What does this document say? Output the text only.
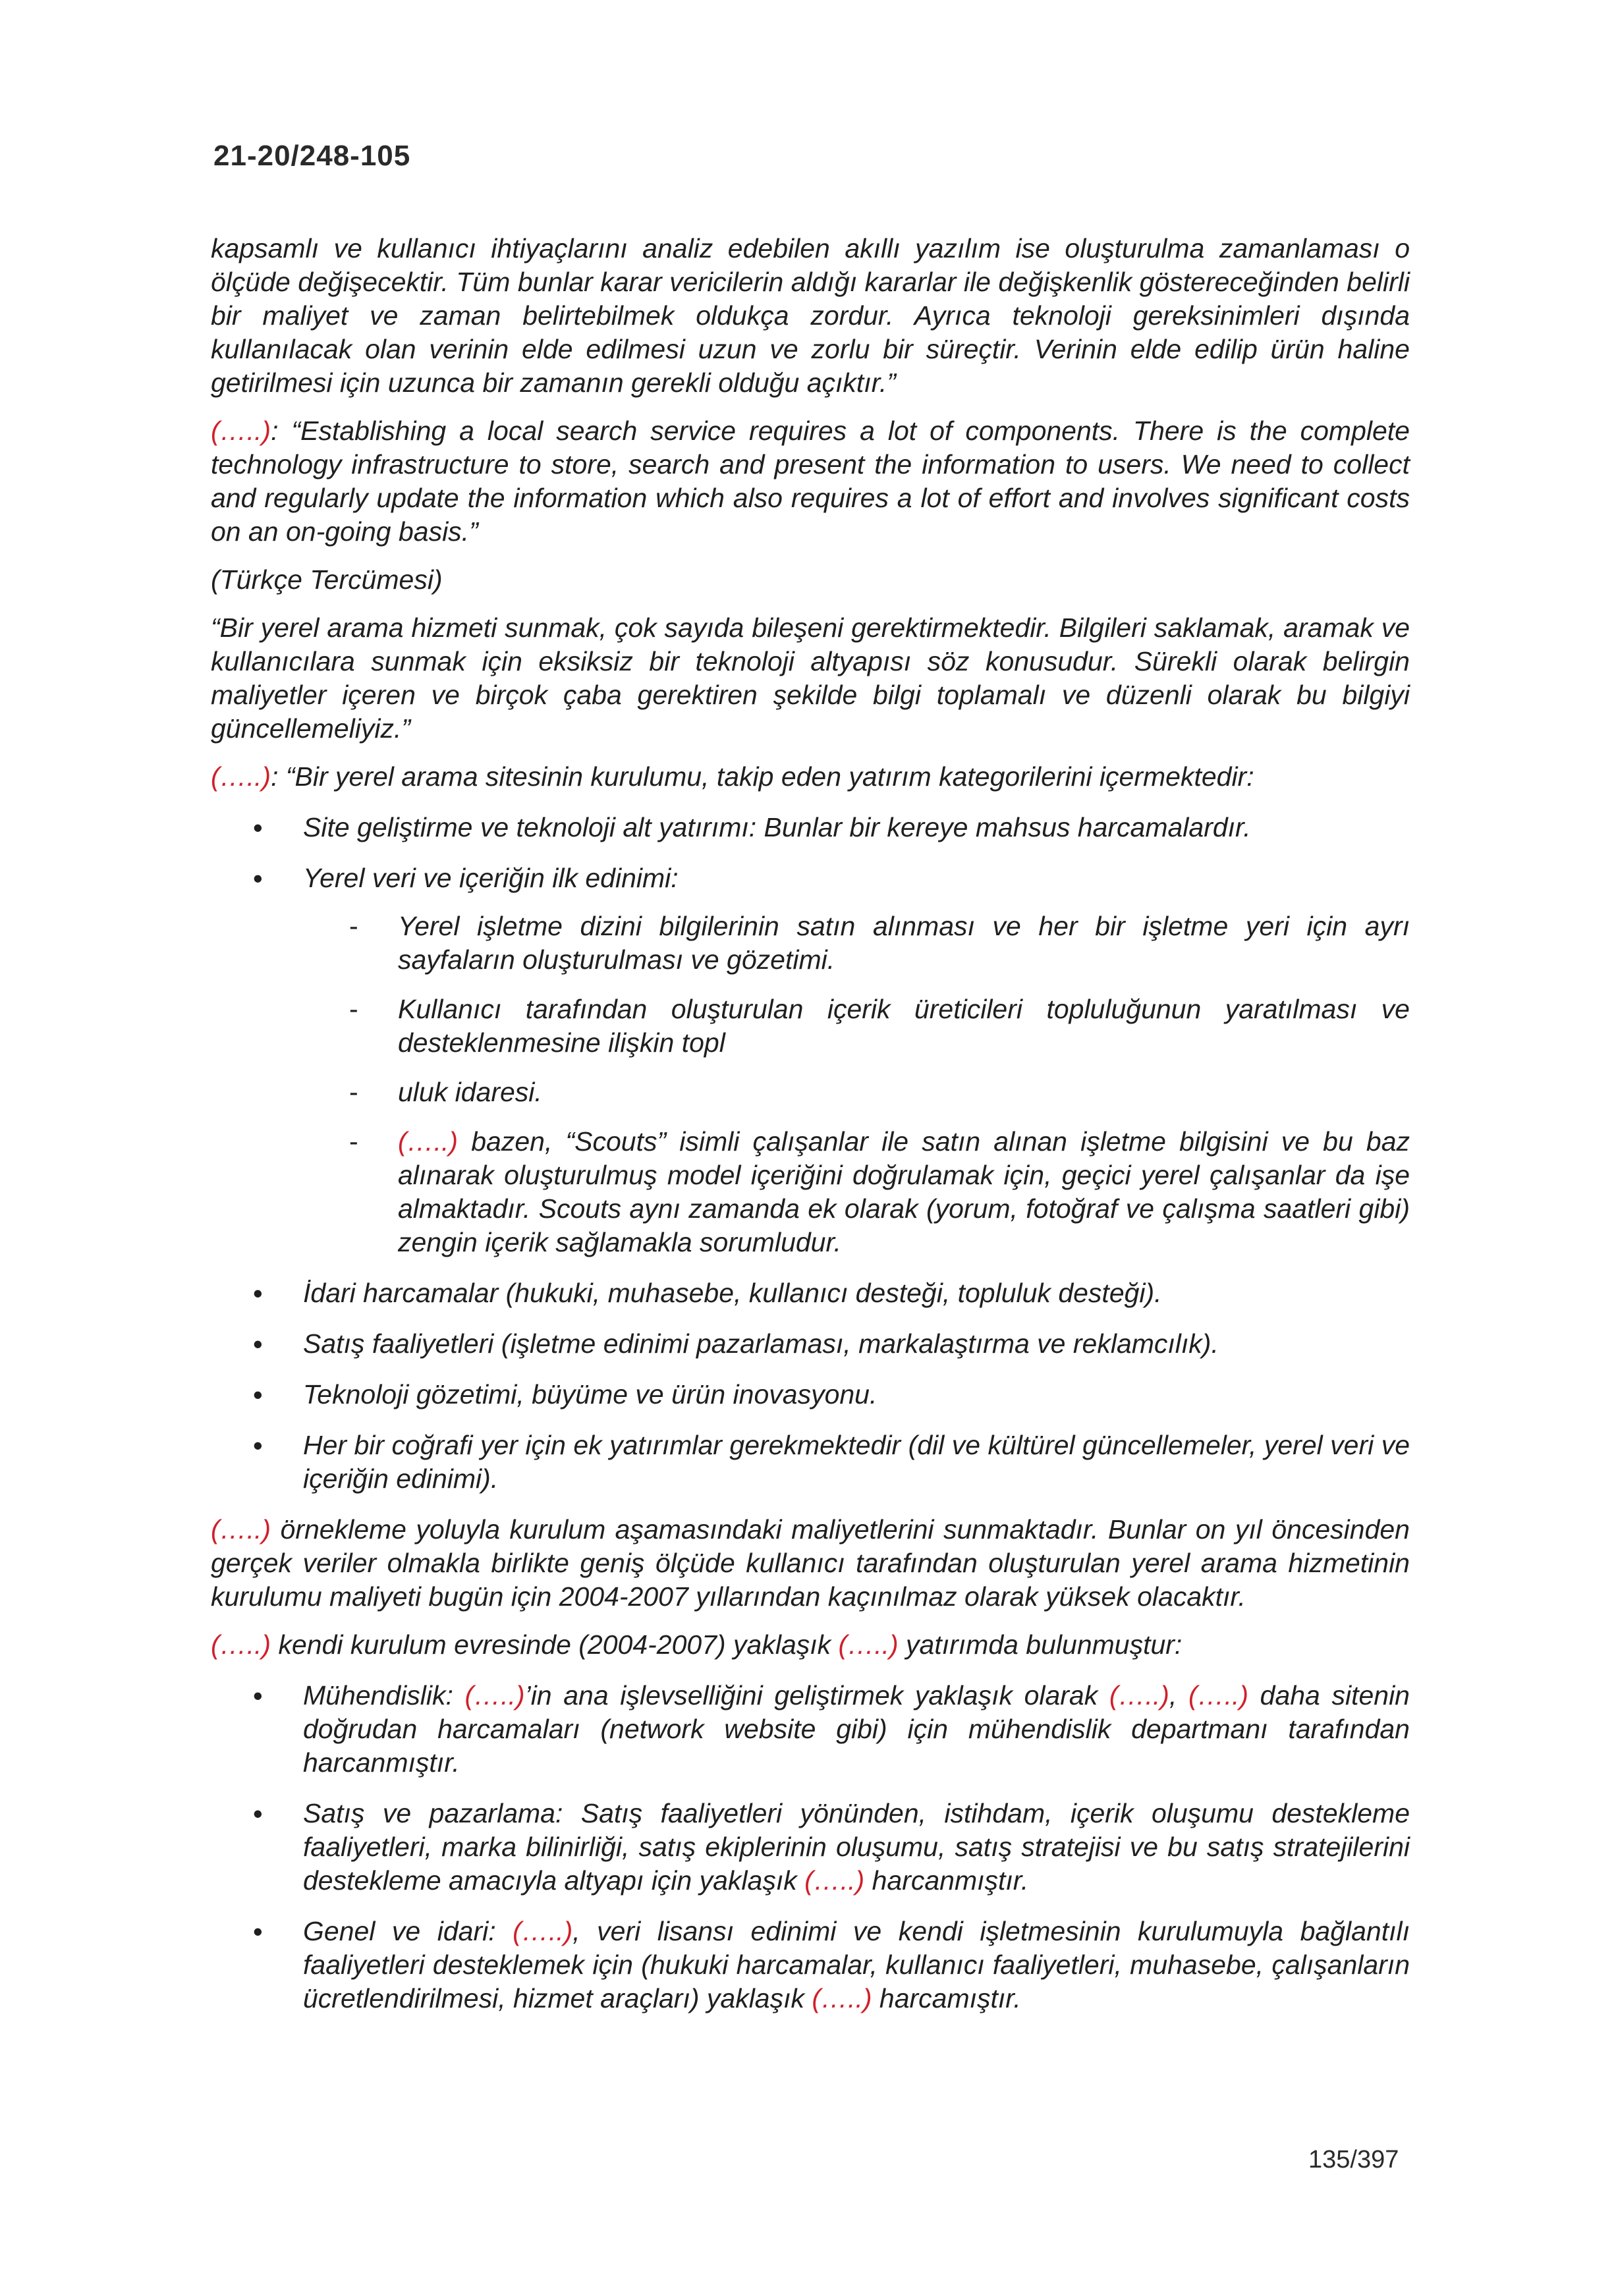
21-20/248-105

kapsamlı ve kullanıcı ihtiyaçlarını analiz edebilen akıllı yazılım ise oluşturulma zamanlaması o ölçüde değişecektir. Tüm bunlar karar vericilerin aldığı kararlar ile değişkenlik göstereceğinden belirli bir maliyet ve zaman belirtebilmek oldukça zordur. Ayrıca teknoloji gereksinimleri dışında kullanılacak olan verinin elde edilmesi uzun ve zorlu bir süreçtir. Verinin elde edilip ürün haline getirilmesi için uzunca bir zamanın gerekli olduğu açıktır.”

(…..): “Establishing a local search service requires a lot of components. There is the complete technology infrastructure to store, search and present the information to users. We need to collect and regularly update the information which also requires a lot of effort and involves significant costs on an on-going basis.”

(Türkçe Tercümesi)

“Bir yerel arama hizmeti sunmak, çok sayıda bileşeni gerektirmektedir. Bilgileri saklamak, aramak ve kullanıcılara sunmak için eksiksiz bir teknoloji altyapısı söz konusudur. Sürekli olarak belirgin maliyetler içeren ve birçok çaba gerektiren şekilde bilgi toplamalı ve düzenli olarak bu bilgiyi güncellemeliyiz.”

(…..): “Bir yerel arama sitesinin kurulumu, takip eden yatırım kategorilerini içermektedir:

• Site geliştirme ve teknoloji alt yatırımı: Bunlar bir kereye mahsus harcamalardır.
• Yerel veri ve içeriğin ilk edinimi:
- Yerel işletme dizini bilgilerinin satın alınması ve her bir işletme yeri için ayrı sayfaların oluşturulması ve gözetimi.
- Kullanıcı tarafından oluşturulan içerik üreticileri topluluğunun yaratılması ve desteklenmesine ilişkin topl
- uluk idaresi.
- (…..) bazen, “Scouts” isimli çalışanlar ile satın alınan işletme bilgisini ve bu baz alınarak oluşturulmuş model içeriğini doğrulamak için, geçici yerel çalışanlar da işe almaktadır. Scouts aynı zamanda ek olarak (yorum, fotoğraf ve çalışma saatleri gibi) zengin içerik sağlamakla sorumludur.
• İdari harcamalar (hukuki, muhasebe, kullanıcı desteği, topluluk desteği).
• Satış faaliyetleri (işletme edinimi pazarlaması, markalaştırma ve reklamcılık).
• Teknoloji gözetimi, büyüme ve ürün inovasyonu.
• Her bir coğrafi yer için ek yatırımlar gerekmektedir (dil ve kültürel güncellemeler, yerel veri ve içeriğin edinimi).

(…..) örnekleme yoluyla kurulum aşamasındaki maliyetlerini sunmaktadır. Bunlar on yıl öncesinden gerçek veriler olmakla birlikte geniş ölçüde kullanıcı tarafından oluşturulan yerel arama hizmetinin kurulumu maliyeti bugün için 2004-2007 yıllarından kaçınılmaz olarak yüksek olacaktır.

(…..) kendi kurulum evresinde (2004-2007) yaklaşık (…..) yatırımda bulunmuştur:

• Mühendislik: (…..)’in ana işlevselliğini geliştirmek yaklaşık olarak (…..), (…..) daha sitenin doğrudan harcamaları (network website gibi) için mühendislik departmanı tarafından harcanmıştır.
• Satış ve pazarlama: Satış faaliyetleri yönünden, istihdam, içerik oluşumu destekleme faaliyetleri, marka bilinirliği, satış ekiplerinin oluşumu, satış stratejisi ve bu satış stratejilerini destekleme amacıyla altyapı için yaklaşık (…..) harcanmıştır.
• Genel ve idari: (…..), veri lisansı edinimi ve kendi işletmesinin kurulumuyla bağlantılı faaliyetleri desteklemek için (hukuki harcamalar, kullanıcı faaliyetleri, muhasebe, çalışanların ücretlendirilmesi, hizmet araçları) yaklaşık (…..) harcamıştır.
135/397
